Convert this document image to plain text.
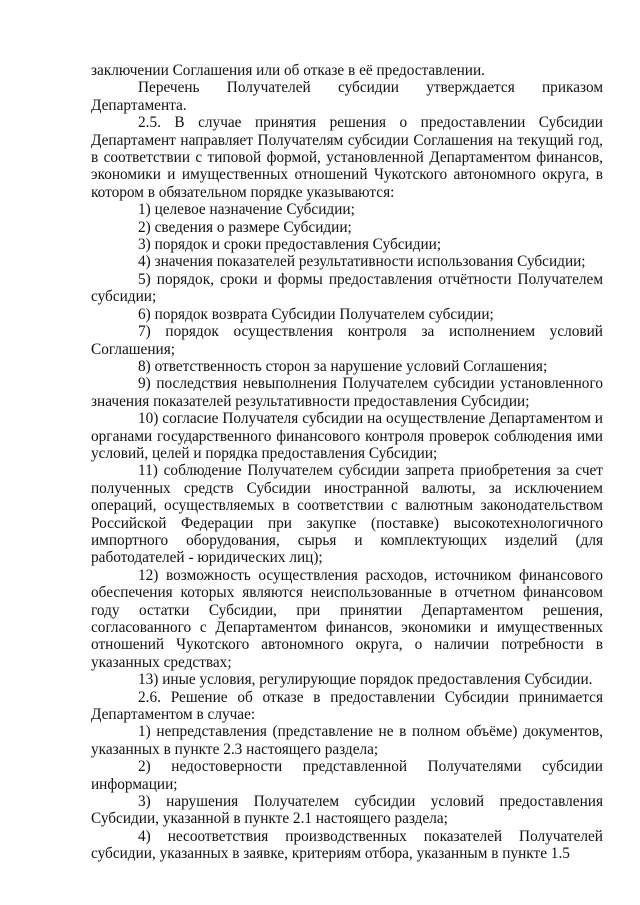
заключении Соглашения или об отказе в её предоставлении.

Перечень Получателей субсидии утверждается приказом Департамента.

2.5. В случае принятия решения о предоставлении Субсидии Департамент направляет Получателям субсидии Соглашения на текущий год, в соответствии с типовой формой, установленной Департаментом финансов, экономики и имущественных отношений Чукотского автономного округа, в котором в обязательном порядке указываются:

1) целевое назначение Субсидии;

2) сведения о размере Субсидии;

3) порядок и сроки предоставления Субсидии;

4) значения показателей результативности использования Субсидии;

5) порядок, сроки и формы предоставления отчётности Получателем субсидии;

6) порядок возврата Субсидии Получателем субсидии;

7) порядок осуществления контроля за исполнением условий Соглашения;

8) ответственность сторон за нарушение условий Соглашения;

9) последствия невыполнения Получателем субсидии установленного значения показателей результативности предоставления Субсидии;

10) согласие Получателя субсидии на осуществление Департаментом и органами государственного финансового контроля проверок соблюдения ими условий, целей и порядка предоставления Субсидии;

11) соблюдение Получателем субсидии запрета приобретения за счет полученных средств Субсидии иностранной валюты, за исключением операций, осуществляемых в соответствии с валютным законодательством Российской Федерации при закупке (поставке) высокотехнологичного импортного оборудования, сырья и комплектующих изделий (для работодателей - юридических лиц);

12) возможность осуществления расходов, источником финансового обеспечения которых являются неиспользованные в отчетном финансовом году остатки Субсидии, при принятии Департаментом решения, согласованного с Департаментом финансов, экономики и имущественных отношений Чукотского автономного округа, о наличии потребности в указанных средствах;

13) иные условия, регулирующие порядок предоставления Субсидии.

2.6. Решение об отказе в предоставлении Субсидии принимается Департаментом в случае:

1) непредставления (представление не в полном объёме) документов, указанных в пункте 2.3 настоящего раздела;

2) недостоверности представленной Получателями субсидии информации;

3) нарушения Получателем субсидии условий предоставления Субсидии, указанной в пункте 2.1 настоящего раздела;

4) несоответствия производственных показателей Получателей субсидии, указанных в заявке, критериям отбора, указанным в пункте 1.5
